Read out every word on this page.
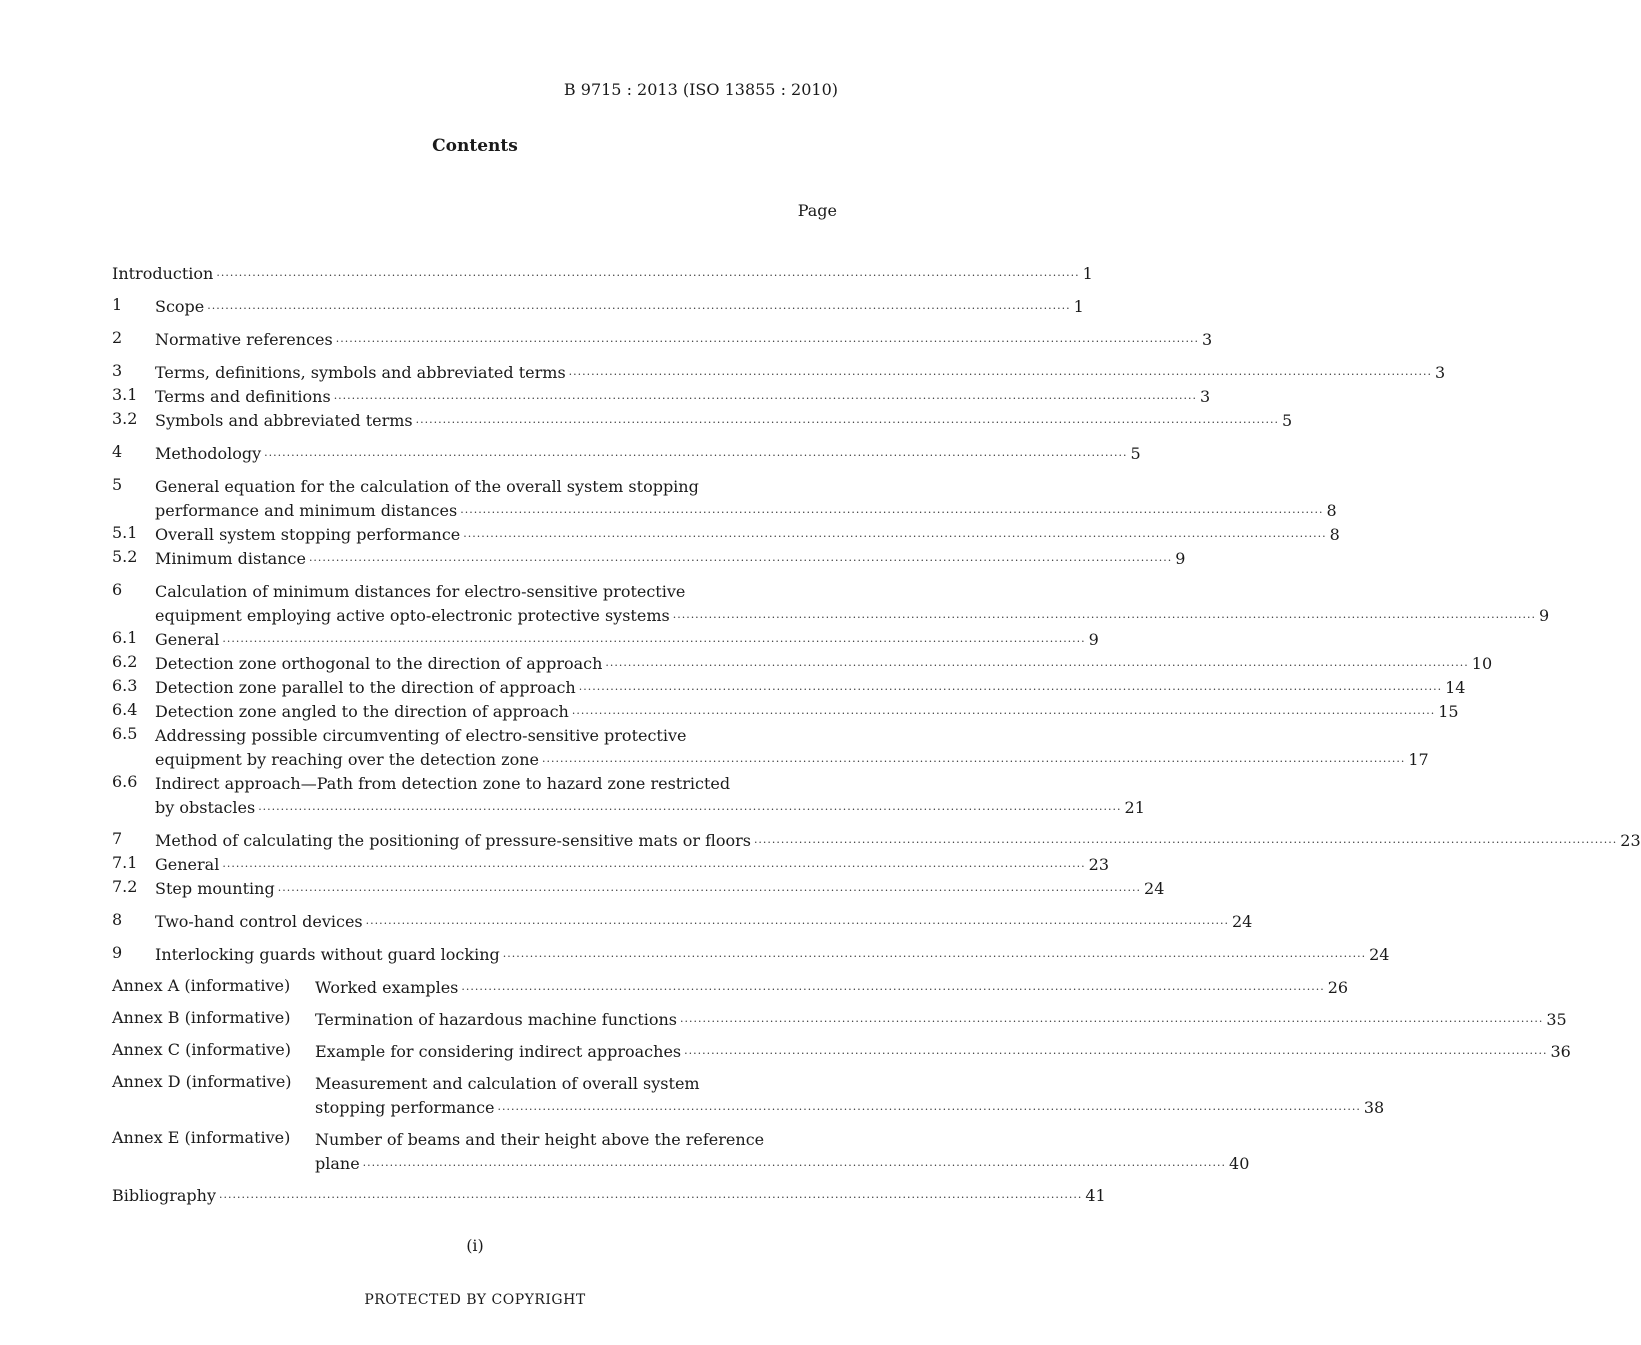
B 9715 : 2013 (ISO 13855 : 2010)
Contents
Page
Introduction ·····	1
1	Scope ·····	1
2	Normative references ·····	3
3	Terms, definitions, symbols and abbreviated terms ·····	3
3.1	Terms and definitions ·····	3
3.2	Symbols and abbreviated terms ·····	5
4	Methodology ·····	5
5	General equation for the calculation of the overall system stopping
performance and minimum distances ·····	8
5.1	Overall system stopping performance ·····	8
5.2	Minimum distance ·····	9
6	Calculation of minimum distances for electro-sensitive protective
equipment employing active opto-electronic protective systems ·····	9
6.1	General ·····	9
6.2	Detection zone orthogonal to the direction of approach ·····	10
6.3	Detection zone parallel to the direction of approach ·····	14
6.4	Detection zone angled to the direction of approach ·····	15
6.5	Addressing possible circumventing of electro-sensitive protective
equipment by reaching over the detection zone ·····	17
6.6	Indirect approach—Path from detection zone to hazard zone restricted
by obstacles ·····	21
7	Method of calculating the positioning of pressure-sensitive mats or floors ·····	23
7.1	General ·····	23
7.2	Step mounting ·····	24
8	Two-hand control devices ·····	24
9	Interlocking guards without guard locking ·····	24
Annex A (informative)	Worked examples ·····	26
Annex B (informative)	Termination of hazardous machine functions ·····	35
Annex C (informative)	Example for considering indirect approaches ·····	36
Annex D (informative)	Measurement and calculation of overall system
stopping performance ·····	38
Annex E (informative)	Number of beams and their height above the reference
plane ·····	40
Bibliography ·····	41
(i)
PROTECTED BY COPYRIGHT
